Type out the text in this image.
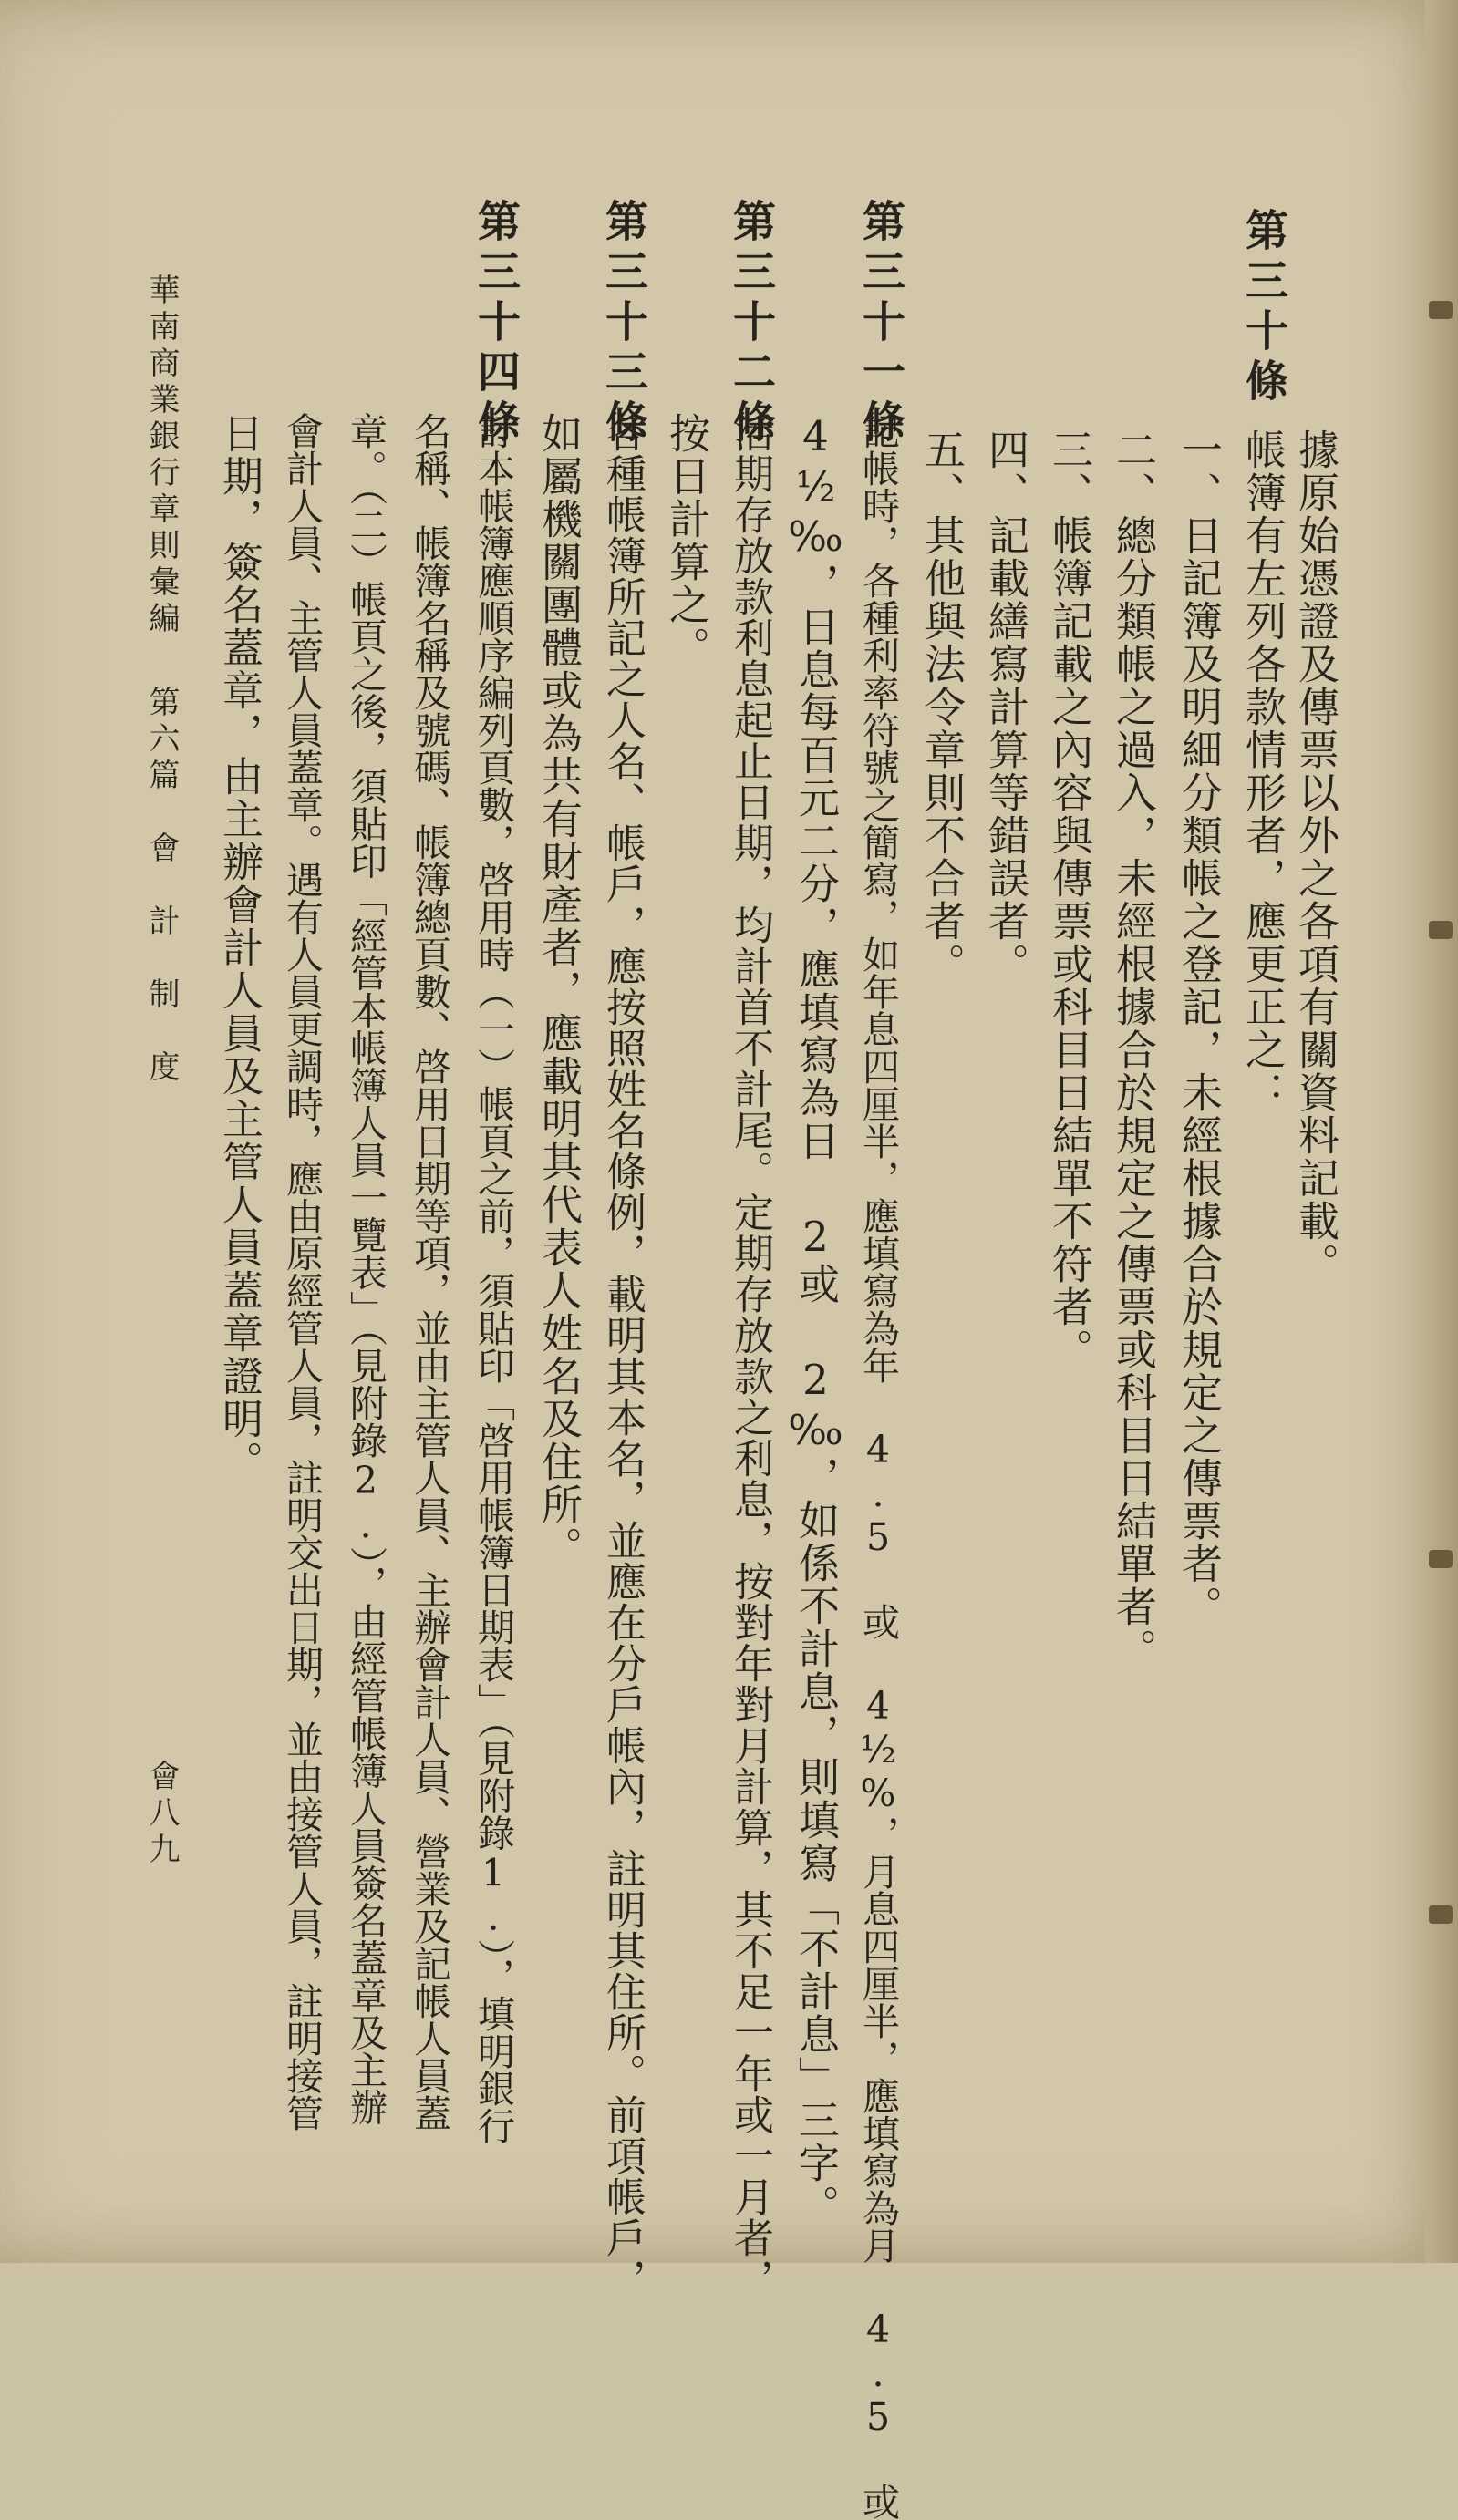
據原始憑證及傳票以外之各項有關資料記載。
第三十條
帳簿有左列各款情形者，應更正之：
一、日記簿及明細分類帳之登記，未經根據合於規定之傳票者。
二、總分類帳之過入，未經根據合於規定之傳票或科目日結單者。
三、帳簿記載之內容與傳票或科目日結單不符者。
四、記載繕寫計算等錯誤者。
五、其他與法令章則不合者。
第三十一條
記帳時，各種利率符號之簡寫，如年息四厘半，應填寫為年 4.5 或 4½%，月息四厘半，應填寫為月 4.5 或
4½‰，日息每百元二分，應填寫為日 2或 2‰，如係不計息，則填寫「不計息」三字。
第三十二條
活期存放款利息起止日期，均計首不計尾。定期存放款之利息，按對年對月計算，其不足一年或一月者，
按日計算之。
第三十三條
各種帳簿所記之人名、帳戶，應按照姓名條例，載明其本名，並應在分戶帳內，註明其住所。前項帳戶，
如屬機關團體或為共有財產者，應載明其代表人姓名及住所。
第三十四條
訂本帳簿應順序編列頁數，啓用時（一）帳頁之前，須貼印「啓用帳簿日期表」（見附錄1.），填明銀行
名稱、帳簿名稱及號碼、帳簿總頁數、啓用日期等項，並由主管人員、主辦會計人員、營業及記帳人員蓋
章。（二）帳頁之後，須貼印「經管本帳簿人員一覽表」（見附錄2.），由經管帳簿人員簽名蓋章及主辦
會計人員、主管人員蓋章。遇有人員更調時，應由原經管人員，註明交出日期，並由接管人員，註明接管
日期，簽名蓋章，由主辦會計人員及主管人員蓋章證明。
華南商業銀行章則彙編
第六篇　會　計　制　度
會八九
